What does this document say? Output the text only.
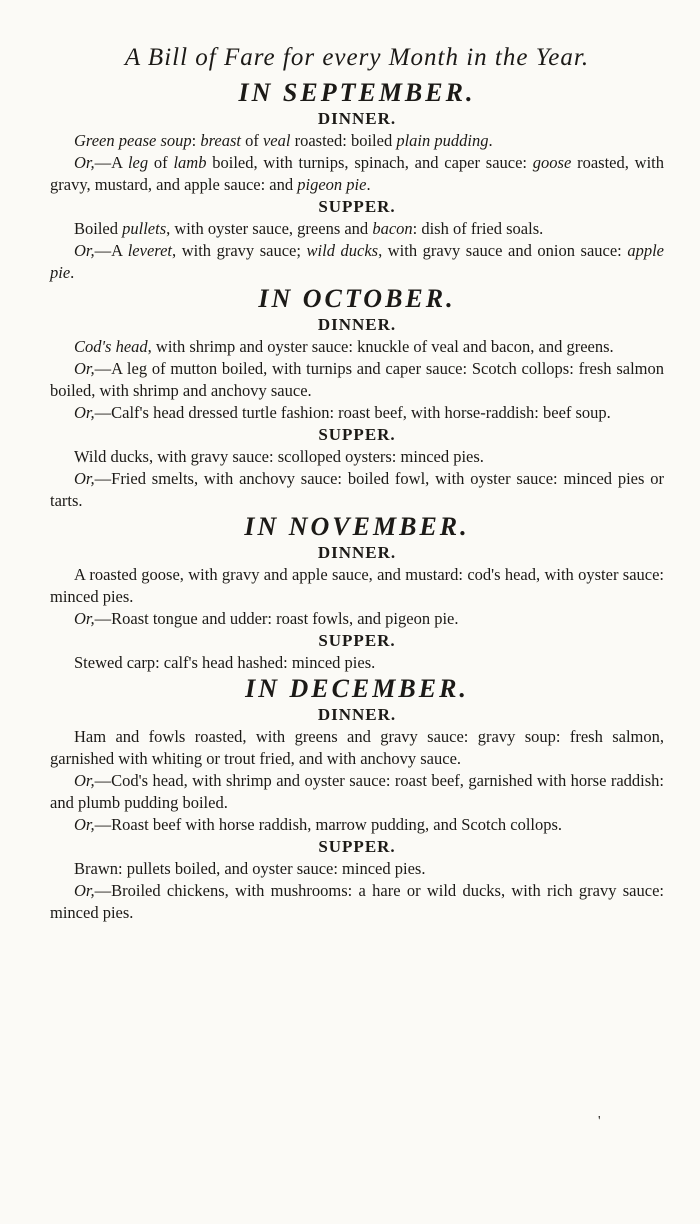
A Bill of Fare for every Month in the Year.
IN SEPTEMBER.
DINNER.

Green pease soup: breast of veal roasted: boiled plain pudding.

Or,—A leg of lamb boiled, with turnips, spinach, and caper sauce: goose roasted, with gravy, mustard, and apple sauce: and pigeon pie.

SUPPER.

Boiled pullets, with oyster sauce, greens and bacon: dish of fried soals.

Or,—A leveret, with gravy sauce; wild ducks, with gravy sauce and onion sauce: apple pie.

IN OCTOBER.
DINNER.

Cod's head, with shrimp and oyster sauce: knuckle of veal and bacon, and greens.

Or,—A leg of mutton boiled, with turnips and caper sauce: Scotch collops: fresh salmon boiled, with shrimp and anchovy sauce.

Or,—Calf's head dressed turtle fashion: roast beef, with horse-raddish: beef soup.

SUPPER.

Wild ducks, with gravy sauce: scolloped oysters: minced pies.

Or,—Fried smelts, with anchovy sauce: boiled fowl, with oyster sauce: minced pies or tarts.

IN NOVEMBER.
DINNER.

A roasted goose, with gravy and apple sauce, and mustard: cod's head, with oyster sauce: minced pies.

Or,—Roast tongue and udder: roast fowls, and pigeon pie.

SUPPER.

Stewed carp: calf's head hashed: minced pies.

IN DECEMBER.
DINNER.

Ham and fowls roasted, with greens and gravy sauce: gravy soup: fresh salmon, garnished with whiting or trout fried, and with anchovy sauce.

Or,—Cod's head, with shrimp and oyster sauce: roast beef, garnished with horse raddish: and plumb pudding boiled.

Or,—Roast beef with horse raddish, marrow pudding, and Scotch collops.

SUPPER.

Brawn: pullets boiled, and oyster sauce: minced pies.

Or,—Broiled chickens, with mushrooms: a hare or wild ducks, with rich gravy sauce: minced pies.

'
